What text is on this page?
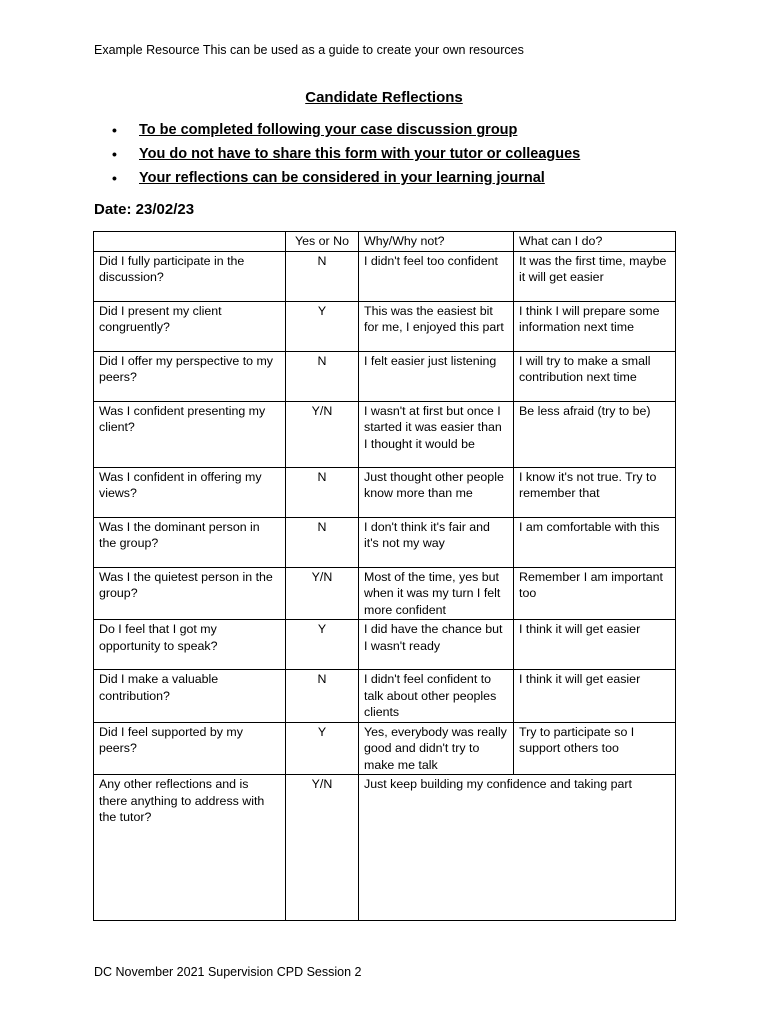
Example Resource This can be used as a guide to create your own resources
Candidate Reflections
• To be completed following your case discussion group
• You do not have to share this form with your tutor or colleagues
• Your reflections can be considered in your learning journal
Date: 23/02/23
	Yes or No	Why/Why not?	What can I do?
Did I fully participate in the discussion?	N	I didn't feel too confident	It was the first time, maybe it will get easier
Did I present my client congruently?	Y	This was the easiest bit for me, I enjoyed this part	I think I will prepare some information next time
Did I offer my perspective to my peers?	N	I felt easier just listening	I will try to make a small contribution next time
Was I confident presenting my client?	Y/N	I wasn't at first but once I started it was easier than I thought it would be	Be less afraid (try to be)
Was I confident in offering my views?	N	Just thought other people know more than me	I know it's not true. Try to remember that
Was I the dominant person in the group?	N	I don't think it's fair and it's not my way	I am comfortable with this
Was I the quietest person in the group?	Y/N	Most of the time, yes but when it was my turn I felt more confident	Remember I am important too
Do I feel that I got my opportunity to speak?	Y	I did have the chance but I wasn't ready	I think it will get easier
Did I make a valuable contribution?	N	I didn't feel confident to talk about other peoples clients	I think it will get easier
Did I feel supported by my peers?	Y	Yes, everybody was really good and didn't try to make me talk	Try to participate so I support others too
Any other reflections and is there anything to address with the tutor?	Y/N	Just keep building my confidence and taking part	
DC November 2021 Supervision CPD Session 2
